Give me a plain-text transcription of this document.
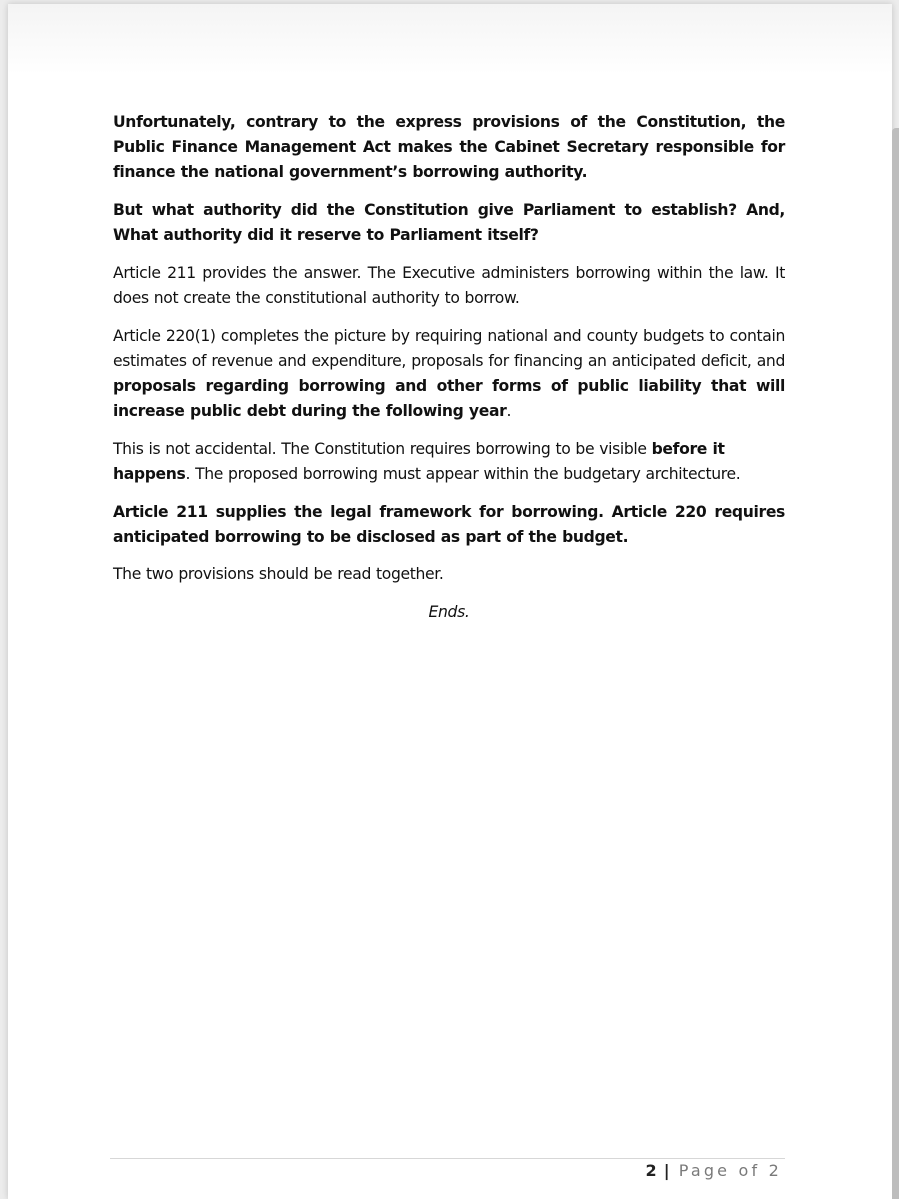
Unfortunately, contrary to the express provisions of the Constitution, the Public Finance Management Act makes the Cabinet Secretary responsible for finance the national government’s borrowing authority.

But what authority did the Constitution give Parliament to establish? And, What authority did it reserve to Parliament itself?

Article 211 provides the answer. The Executive administers borrowing within the law. It does not create the constitutional authority to borrow.

Article 220(1) completes the picture by requiring national and county budgets to contain estimates of revenue and expenditure, proposals for financing an anticipated deficit, and proposals regarding borrowing and other forms of public liability that will increase public debt during the following year.

This is not accidental. The Constitution requires borrowing to be visible before it happens. The proposed borrowing must appear within the budgetary architecture.

Article 211 supplies the legal framework for borrowing. Article 220 requires anticipated borrowing to be disclosed as part of the budget.

The two provisions should be read together.

Ends.

2 | Page of 2
